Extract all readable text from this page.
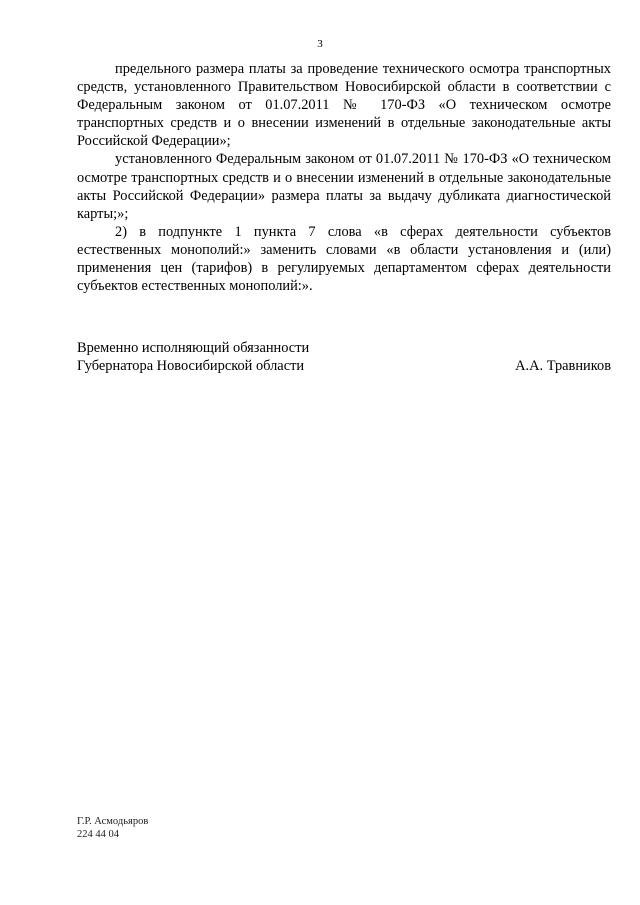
3

предельного размера платы за проведение технического осмотра транспортных средств, установленного Правительством Новосибирской области в соответствии с Федеральным законом от 01.07.2011 № 170-ФЗ «О техническом осмотре транспортных средств и о внесении изменений в отдельные законодательные акты Российской Федерации»;

установленного Федеральным законом от 01.07.2011 № 170-ФЗ «О техническом осмотре транспортных средств и о внесении изменений в отдельные законодательные акты Российской Федерации» размера платы за выдачу дубликата диагностической карты;»;

2) в подпункте 1 пункта 7 слова «в сферах деятельности субъектов естественных монополий:» заменить словами «в области установления и (или) применения цен (тарифов) в регулируемых департаментом сферах деятельности субъектов естественных монополий:».

Временно исполняющий обязанности
Губернатора Новосибирской области	А.А. Травников
Г.Р. Асмодьяров
224 44 04
